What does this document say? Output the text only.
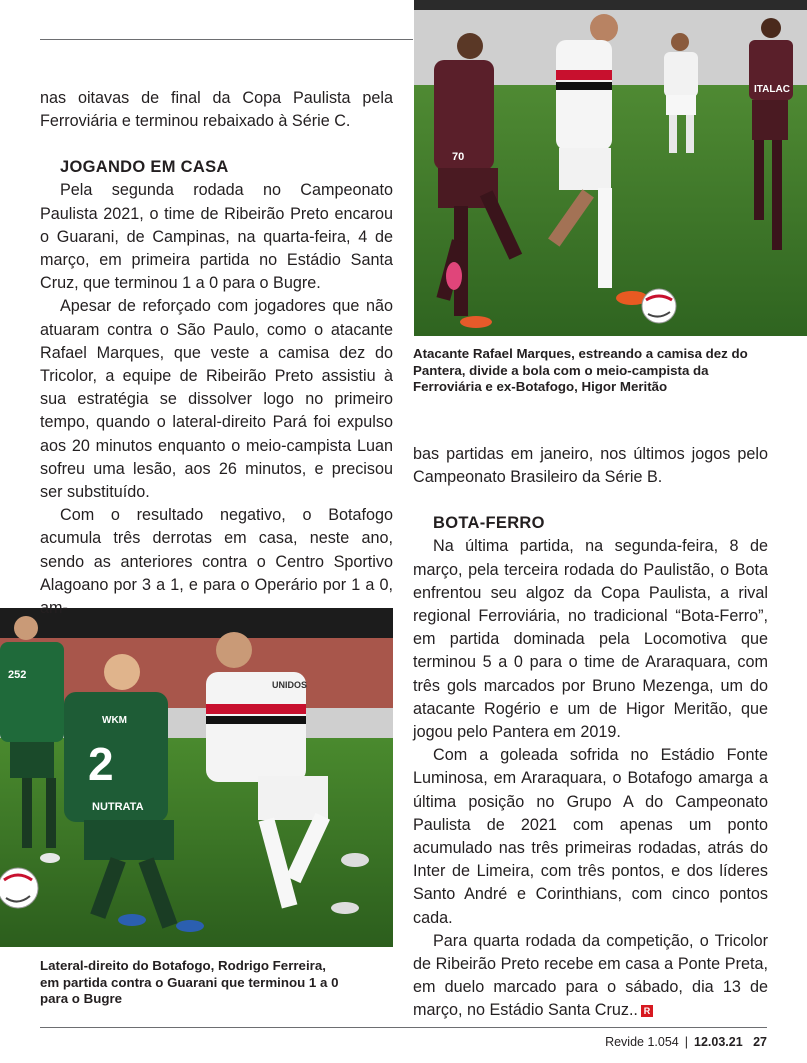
ITALAC
70
252
WKM
2
NUTRATA
UNIDOS

nas oitavas de final da Copa Paulista pela Ferroviária e terminou rebaixado à Série C.

JOGANDO EM CASA

Pela segunda rodada no Campeonato Paulista 2021, o time de Ribeirão Preto encarou o Guarani, de Campinas, na quarta-feira, 4 de março, em primeira partida no Estádio Santa Cruz, que terminou 1 a 0 para o Bugre.

Apesar de reforçado com jogadores que não atuaram contra o São Paulo, como o atacante Rafael Marques, que veste a camisa dez do Tricolor, a equipe de Ribeirão Preto assistiu à sua estratégia se dissolver logo no primeiro tempo, quando o lateral-direito Pará foi expulso aos 20 minutos enquanto o meio-campista Luan sofreu uma lesão, aos 26 minutos, e precisou ser substituído.

Com o resultado negativo, o Botafogo acumula três derrotas em casa, neste ano, sendo as anteriores contra o Centro Sportivo Alagoano por 3 a 1, e para o Operário por 1 a 0, am-

Atacante Rafael Marques, estreando a camisa dez do Pantera, divide a bola com o meio-campista da Ferroviária e ex-Botafogo, Higor Meritão

bas partidas em janeiro, nos últimos jogos pelo Campeonato Brasileiro da Série B.

BOTA-FERRO

Na última partida, na segunda-feira, 8 de março, pela terceira rodada do Paulistão, o Bota enfrentou seu algoz da Copa Paulista, a rival regional Ferroviária, no tradicional “Bota-Ferro”, em partida dominada pela Locomotiva que terminou 5 a 0 para o time de Araraquara, com três gols marcados por Bruno Mezenga, um do atacante Rogério e um de Higor Meritão, que jogou pelo Pantera em 2019.

Com a goleada sofrida no Estádio Fonte Luminosa, em Araraquara, o Botafogo amarga a última posição no Grupo A do Campeonato Paulista de 2021 com apenas um ponto acumulado nas três primeiras rodadas, atrás do Inter de Limeira, com três pontos, e dos líderes Santo André e Corinthians, com cinco pontos cada.

Para quarta rodada da competição, o Tricolor de Ribeirão Preto recebe em casa a Ponte Preta, em duelo marcado para o sábado, dia 13 de março, no Estádio Santa Cruz.. R

Lateral-direito do Botafogo, Rodrigo Ferreira, em partida contra o Guarani que terminou 1 a 0 para o Bugre
Revide 1.054 | 12.03.21 27
